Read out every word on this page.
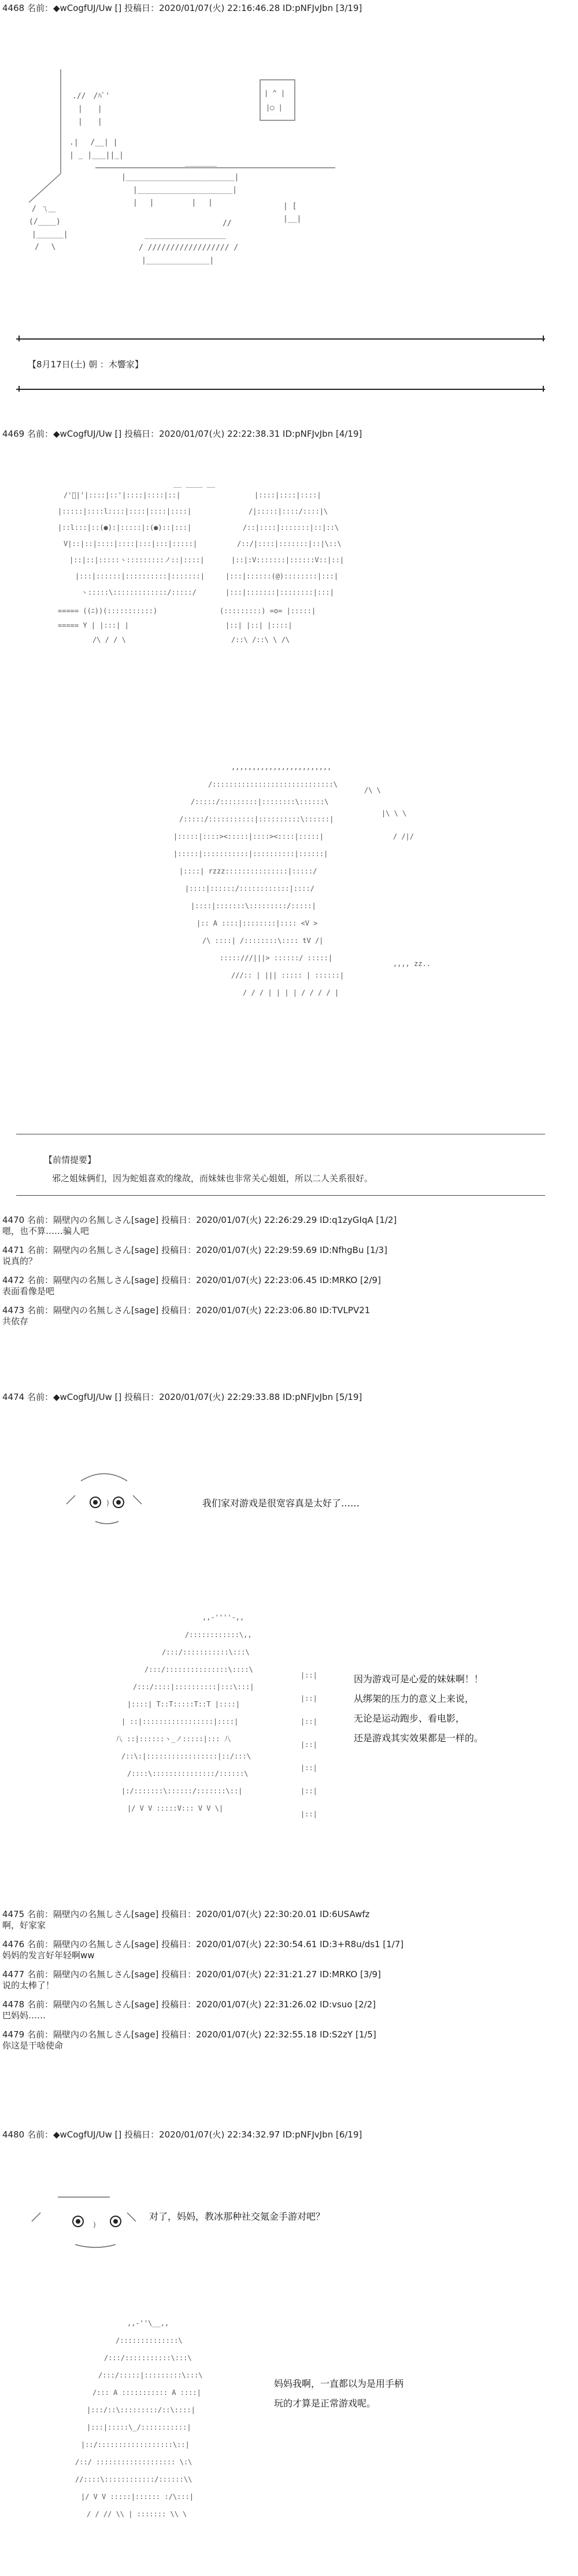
4468 名前：◆wCogfUJ/Uw [] 投稿日：2020/01/07(火) 22:16:46.28 ID:pNFJvJbn [3/19]
.//　/ﾊﾞ'
|　　|
|　　|
.|　 /__| |
| _ |___||_|
| ^ |
|◯ |
_______
|________________________|
|_____________________|
|　 |　　　　　|　 |
/ ㄟ＿
(/____)
|______|
/　 \
__________________
/ ////////////////// /
|______________|
//
| [
|__|
【8月17日(土) 朝 ：木響家】
4469 名前：◆wCogfUJ/Uw [] 投稿日：2020/01/07(火) 22:22:38.31 ID:pNFJvJbn [4/19]
/'ﾞ|'|::::|::'|::::|::::|::|
|:::::|::::l::::|::::|::::|::::|
|::l:::|::(●):|:::::|:(●)::|:::|
V|::|::|::::|::::|:::|:::|:::::|
|::|::|:::::ヽ:::::::::ノ::|::::|
|:::|::::::|::::::::::|:::::::|
ヽ:::::\:::::::::::::/:::::/
===== ((ﾆ))(:::::::::::)
===== Y | |:::| |
/\ / / \
__ ____ __
|::::|::::|::::|
/|:::::|::::/::::|\
/::|::::|:::::::|::|::\
/::/|::::|:::::::|::|\::\
|::|:V:::::::|::::::V::|::|
|:::|::::::(@)::::::::|:::|
|:::|:::::::|::::::::|:::|
(:::::::::) =o= |:::::|
|::| |::| |::::|
/::\ /::\ \ /\
,,,,,,,,,,,,,,,,,,,,,,,,
/:::::::::::::::::::::::::::::\
/:::::/:::::::::|::::::::\::::::\
/:::::/:::::::::::|::::::::::\::::::|
|:::::|::::><:::::|::::><::::|:::::|
|:::::|:::::::::::|::::::::::|::::::|
|::::| rzzz:::::::::::::::|:::::/
|::::|::::::/::::::::::::|::::/
|::::|:::::::\:::::::::/:::::|
|:: A ::::|::::::::|:::: <V >
/\ ::::| /::::::::\:::: tV /|
:::::///|||> ::::::/ :::::|
///:: | ||| ::::: | ::::::|
/ / / | | | | / / / / |
/\ \
|\ \ \
/ /|/
,,,, zz..
【前情提要】
邪之姐妹俩们，因为蛇姐喜欢的缘故，而妹妹也非常关心姐姐，所以二人关系很好。
4470 名前：隔壁內の名無しさん[sage] 投稿日：2020/01/07(火) 22:26:29.29 ID:q1zyGIqA [1/2]
嗯，也不算……骗人吧
4471 名前：隔壁內の名無しさん[sage] 投稿日：2020/01/07(火) 22:29:59.69 ID:NfhgBu [1/3]
说真的？
4472 名前：隔壁內の名無しさん[sage] 投稿日：2020/01/07(火) 22:23:06.45 ID:MRKO [2/9]
表面看像是吧
4473 名前：隔壁內の名無しさん[sage] 投稿日：2020/01/07(火) 22:23:06.80 ID:TVLPV21
共依存
4474 名前：◆wCogfUJ/Uw [] 投稿日：2020/01/07(火) 22:29:33.88 ID:pNFJvJbn [5/19]
)	我们家对游戏是很宽容真是太好了……
,,-''''-,,
/::::::::::::\,,
/:::/:::::::::::\:::\
/:::/:::::::::::::::\::::\
/:::/::::|::::::::::|:::\:::|
|::::| T::T:::::T::T |::::|
| ::|:::::::::::::::::|::::|
八 ::|::::::ヽ_ノ:::::|::: 八
/::\:|:::::::::::::::::|::/:::\
/::::\:::::::::::::::/::::::\
|:/:::::::\::::::/:::::::\::|
|/ V V :::::V::: V V \|
|::|
|::|
|::|
|::|
|::|
|::|
|::|
因为游戏可是心爱的妹妹啊！！
从绑架的压力的意义上来说，
无论是运动跑步、看电影，
还是游戏其实效果都是一样的。
4475 名前：隔壁內の名無しさん[sage] 投稿日：2020/01/07(火) 22:30:20.01 ID:6USAwfz
啊，好家家
4476 名前：隔壁內の名無しさん[sage] 投稿日：2020/01/07(火) 22:30:54.61 ID:3+R8u/ds1 [1/7]
妈妈的发言好年轻啊ww
4477 名前：隔壁內の名無しさん[sage] 投稿日：2020/01/07(火) 22:31:21.27 ID:MRKO [3/9]
说的太棒了！
4478 名前：隔壁內の名無しさん[sage] 投稿日：2020/01/07(火) 22:31:26.02 ID:vsuo [2/2]
巴妈妈……
4479 名前：隔壁內の名無しさん[sage] 投稿日：2020/01/07(火) 22:32:55.18 ID:S2zY [1/5]
你这是干啥使命
4480 名前：◆wCogfUJ/Uw [] 投稿日：2020/01/07(火) 22:34:32.97 ID:pNFJvJbn [6/19]
)
对了，妈妈，教冰那种社交氪金手游对吧？
,,-''\__,,
/::::::::::::::\
/:::/:::::::::::\:::\
/:::/:::::|:::::::::\:::\
/::: A ::::::::::: A ::::|
|:::/::\:::::::::/::\::::|
|:::|:::::\_/:::::::::::|
|::/::::::::::::::::::\::|
/::/ ::::::::::::::::::: \:\
//::::\::::::::::::/::::::\\
|/ V V :::::|:::::: :/\:::|
/ / // \\ | ::::::: \\ \
妈妈我啊，一直都以为是用手柄
玩的才算是正常游戏呢。
